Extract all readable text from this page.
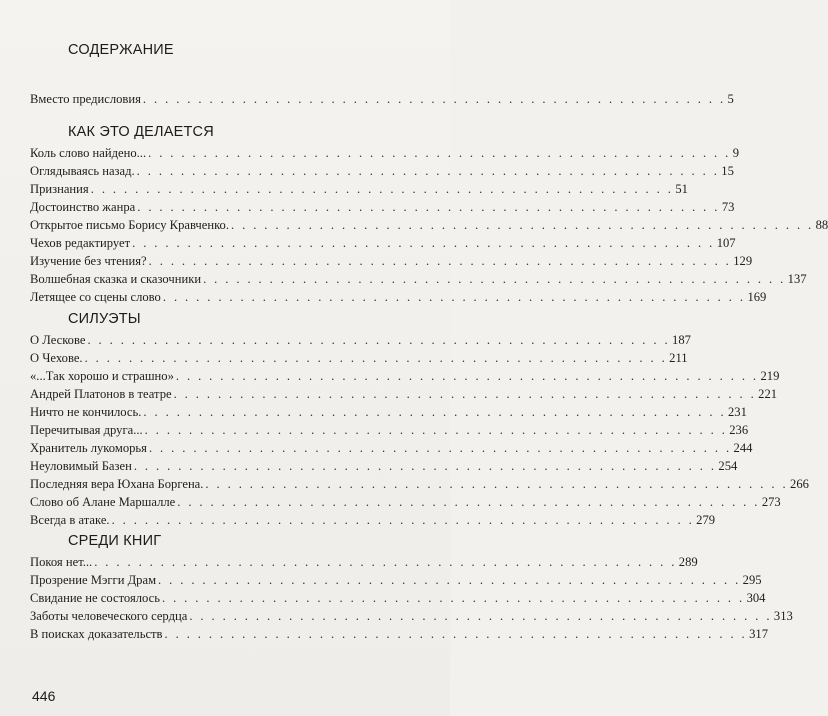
СОДЕРЖАНИЕ
Вместо предисловия . . . . . . . . . . . . . . . . . . . . . . . . . . . . . . . . . . . . . . . . . . . . . . . . . . . . . 5
КАК ЭТО ДЕЛАЕТСЯ
Коль слово найдено... . . . . . . . . . . . . . . . . . . . . . . . . . . . . . . . . . . . . . . . . . . . . . . . . . . . . . 9
Оглядываясь назад. . . . . . . . . . . . . . . . . . . . . . . . . . . . . . . . . . . . . . . . . . . . . . . . . . . . . . 15
Признания . . . . . . . . . . . . . . . . . . . . . . . . . . . . . . . . . . . . . . . . . . . . . . . . . . . . . 51
Достоинство жанра . . . . . . . . . . . . . . . . . . . . . . . . . . . . . . . . . . . . . . . . . . . . . . . . . . . . . 73
Открытое письмо Борису Кравченко. . . . . . . . . . . . . . . . . . . . . . . . . . . . . . . . . . . . . . . . . . . . . . . . . . . . . . 88
Чехов редактирует . . . . . . . . . . . . . . . . . . . . . . . . . . . . . . . . . . . . . . . . . . . . . . . . . . . . . 107
Изучение без чтения? . . . . . . . . . . . . . . . . . . . . . . . . . . . . . . . . . . . . . . . . . . . . . . . . . . . . . 129
Волшебная сказка и сказочники . . . . . . . . . . . . . . . . . . . . . . . . . . . . . . . . . . . . . . . . . . . . . . . . . . . . . 137
Летящее со сцены слово . . . . . . . . . . . . . . . . . . . . . . . . . . . . . . . . . . . . . . . . . . . . . . . . . . . . . 169
СИЛУЭТЫ
О Лескове . . . . . . . . . . . . . . . . . . . . . . . . . . . . . . . . . . . . . . . . . . . . . . . . . . . . . 187
О Чехове. . . . . . . . . . . . . . . . . . . . . . . . . . . . . . . . . . . . . . . . . . . . . . . . . . . . . . 211
«...Так хорошо и страшно» . . . . . . . . . . . . . . . . . . . . . . . . . . . . . . . . . . . . . . . . . . . . . . . . . . . . . 219
Андрей Платонов в театре . . . . . . . . . . . . . . . . . . . . . . . . . . . . . . . . . . . . . . . . . . . . . . . . . . . . . 221
Ничто не кончилось. . . . . . . . . . . . . . . . . . . . . . . . . . . . . . . . . . . . . . . . . . . . . . . . . . . . . . 231
Перечитывая друга... . . . . . . . . . . . . . . . . . . . . . . . . . . . . . . . . . . . . . . . . . . . . . . . . . . . . . 236
Хранитель лукоморья . . . . . . . . . . . . . . . . . . . . . . . . . . . . . . . . . . . . . . . . . . . . . . . . . . . . . 244
Неуловимый Базен . . . . . . . . . . . . . . . . . . . . . . . . . . . . . . . . . . . . . . . . . . . . . . . . . . . . . 254
Последняя вера Юхана Боргена. . . . . . . . . . . . . . . . . . . . . . . . . . . . . . . . . . . . . . . . . . . . . . . . . . . . . . 266
Слово об Алане Маршалле . . . . . . . . . . . . . . . . . . . . . . . . . . . . . . . . . . . . . . . . . . . . . . . . . . . . . 273
Всегда в атаке. . . . . . . . . . . . . . . . . . . . . . . . . . . . . . . . . . . . . . . . . . . . . . . . . . . . . . 279
СРЕДИ КНИГ
Покоя нет... . . . . . . . . . . . . . . . . . . . . . . . . . . . . . . . . . . . . . . . . . . . . . . . . . . . . . 289
Прозрение Мэгги Драм . . . . . . . . . . . . . . . . . . . . . . . . . . . . . . . . . . . . . . . . . . . . . . . . . . . . . 295
Свидание не состоялось . . . . . . . . . . . . . . . . . . . . . . . . . . . . . . . . . . . . . . . . . . . . . . . . . . . . . 304
Заботы человеческого сердца . . . . . . . . . . . . . . . . . . . . . . . . . . . . . . . . . . . . . . . . . . . . . . . . . . . . . 313
В поисках доказательств . . . . . . . . . . . . . . . . . . . . . . . . . . . . . . . . . . . . . . . . . . . . . . . . . . . . . 317
446
